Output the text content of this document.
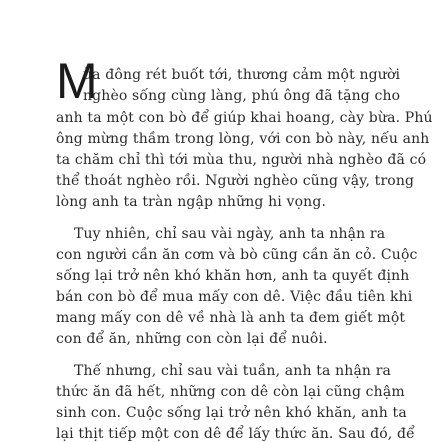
M
ùa đông rét buốt tới, thương cảm một người
nghèo sống cùng làng, phú ông đã tặng cho
anh ta một con bò để giúp khai hoang, cày bừa. Phú
ông mừng thầm trong lòng, với con bò này, nếu anh
ta chăm chỉ thì tới mùa thu, người nhà nghèo đã có
thể thoát nghèo rồi. Người nghèo cũng vậy, trong
lòng anh ta tràn ngập những hi vọng.
Tuy nhiên, chỉ sau vài ngày, anh ta nhận ra
con người cần ăn cơm và bò cũng cần ăn cỏ. Cuộc
sống lại trở nên khó khăn hơn, anh ta quyết định
bán con bò để mua mấy con dê. Việc đầu tiên khi
mang mấy con dê về nhà là anh ta đem giết một
con để ăn, những con còn lại để nuôi.
Thế nhưng, chỉ sau vài tuần, anh ta nhận ra
thức ăn đã hết, những con dê còn lại cũng chậm
sinh con. Cuộc sống lại trở nên khó khăn, anh ta
lại thịt tiếp một con dê để lấy thức ăn. Sau đó, để
